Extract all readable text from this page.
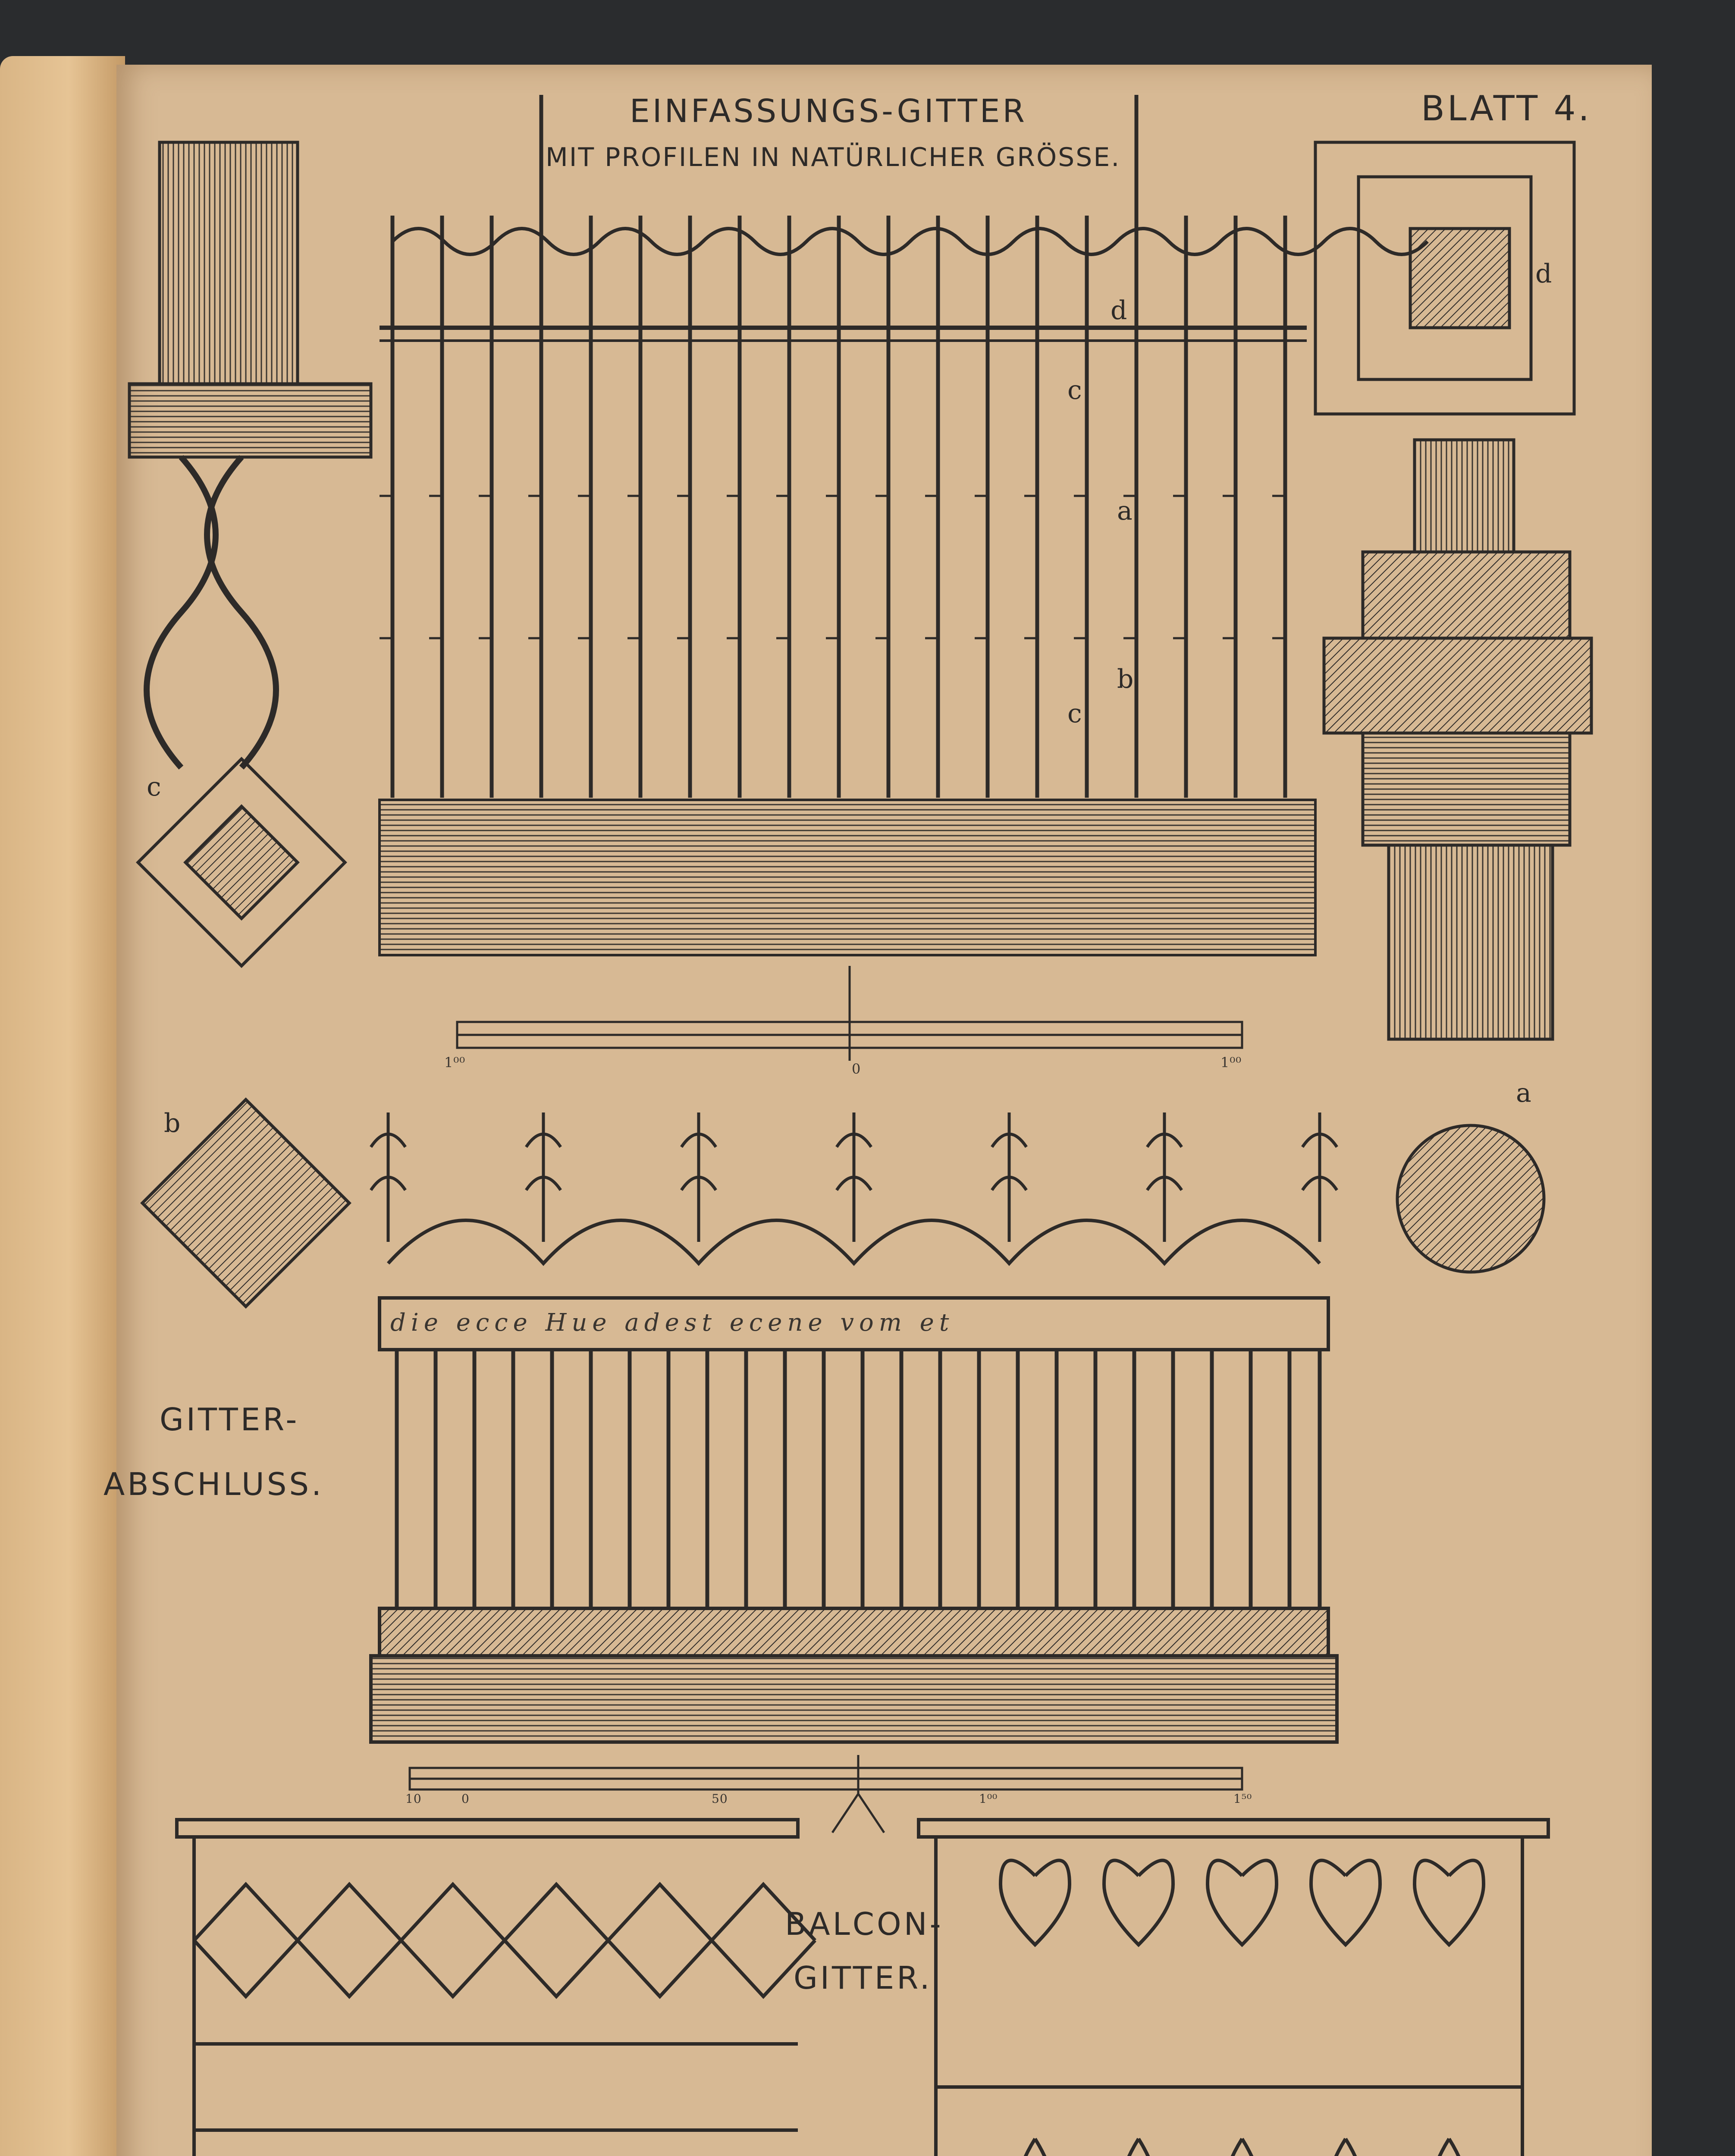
EINFASSUNGS-GITTER
MIT PROFILEN IN NATÜRLICHER GRÖSSE.
BLATT 4.
d
c
a
b
c
d
c
b
a
1⁰⁰	0	1⁰⁰
die ecce Hue adest ecene vom et
GITTER-
ABSCHLUSS.
10	0	50	1⁰⁰	1⁵⁰
BALCON-
GITTER.
